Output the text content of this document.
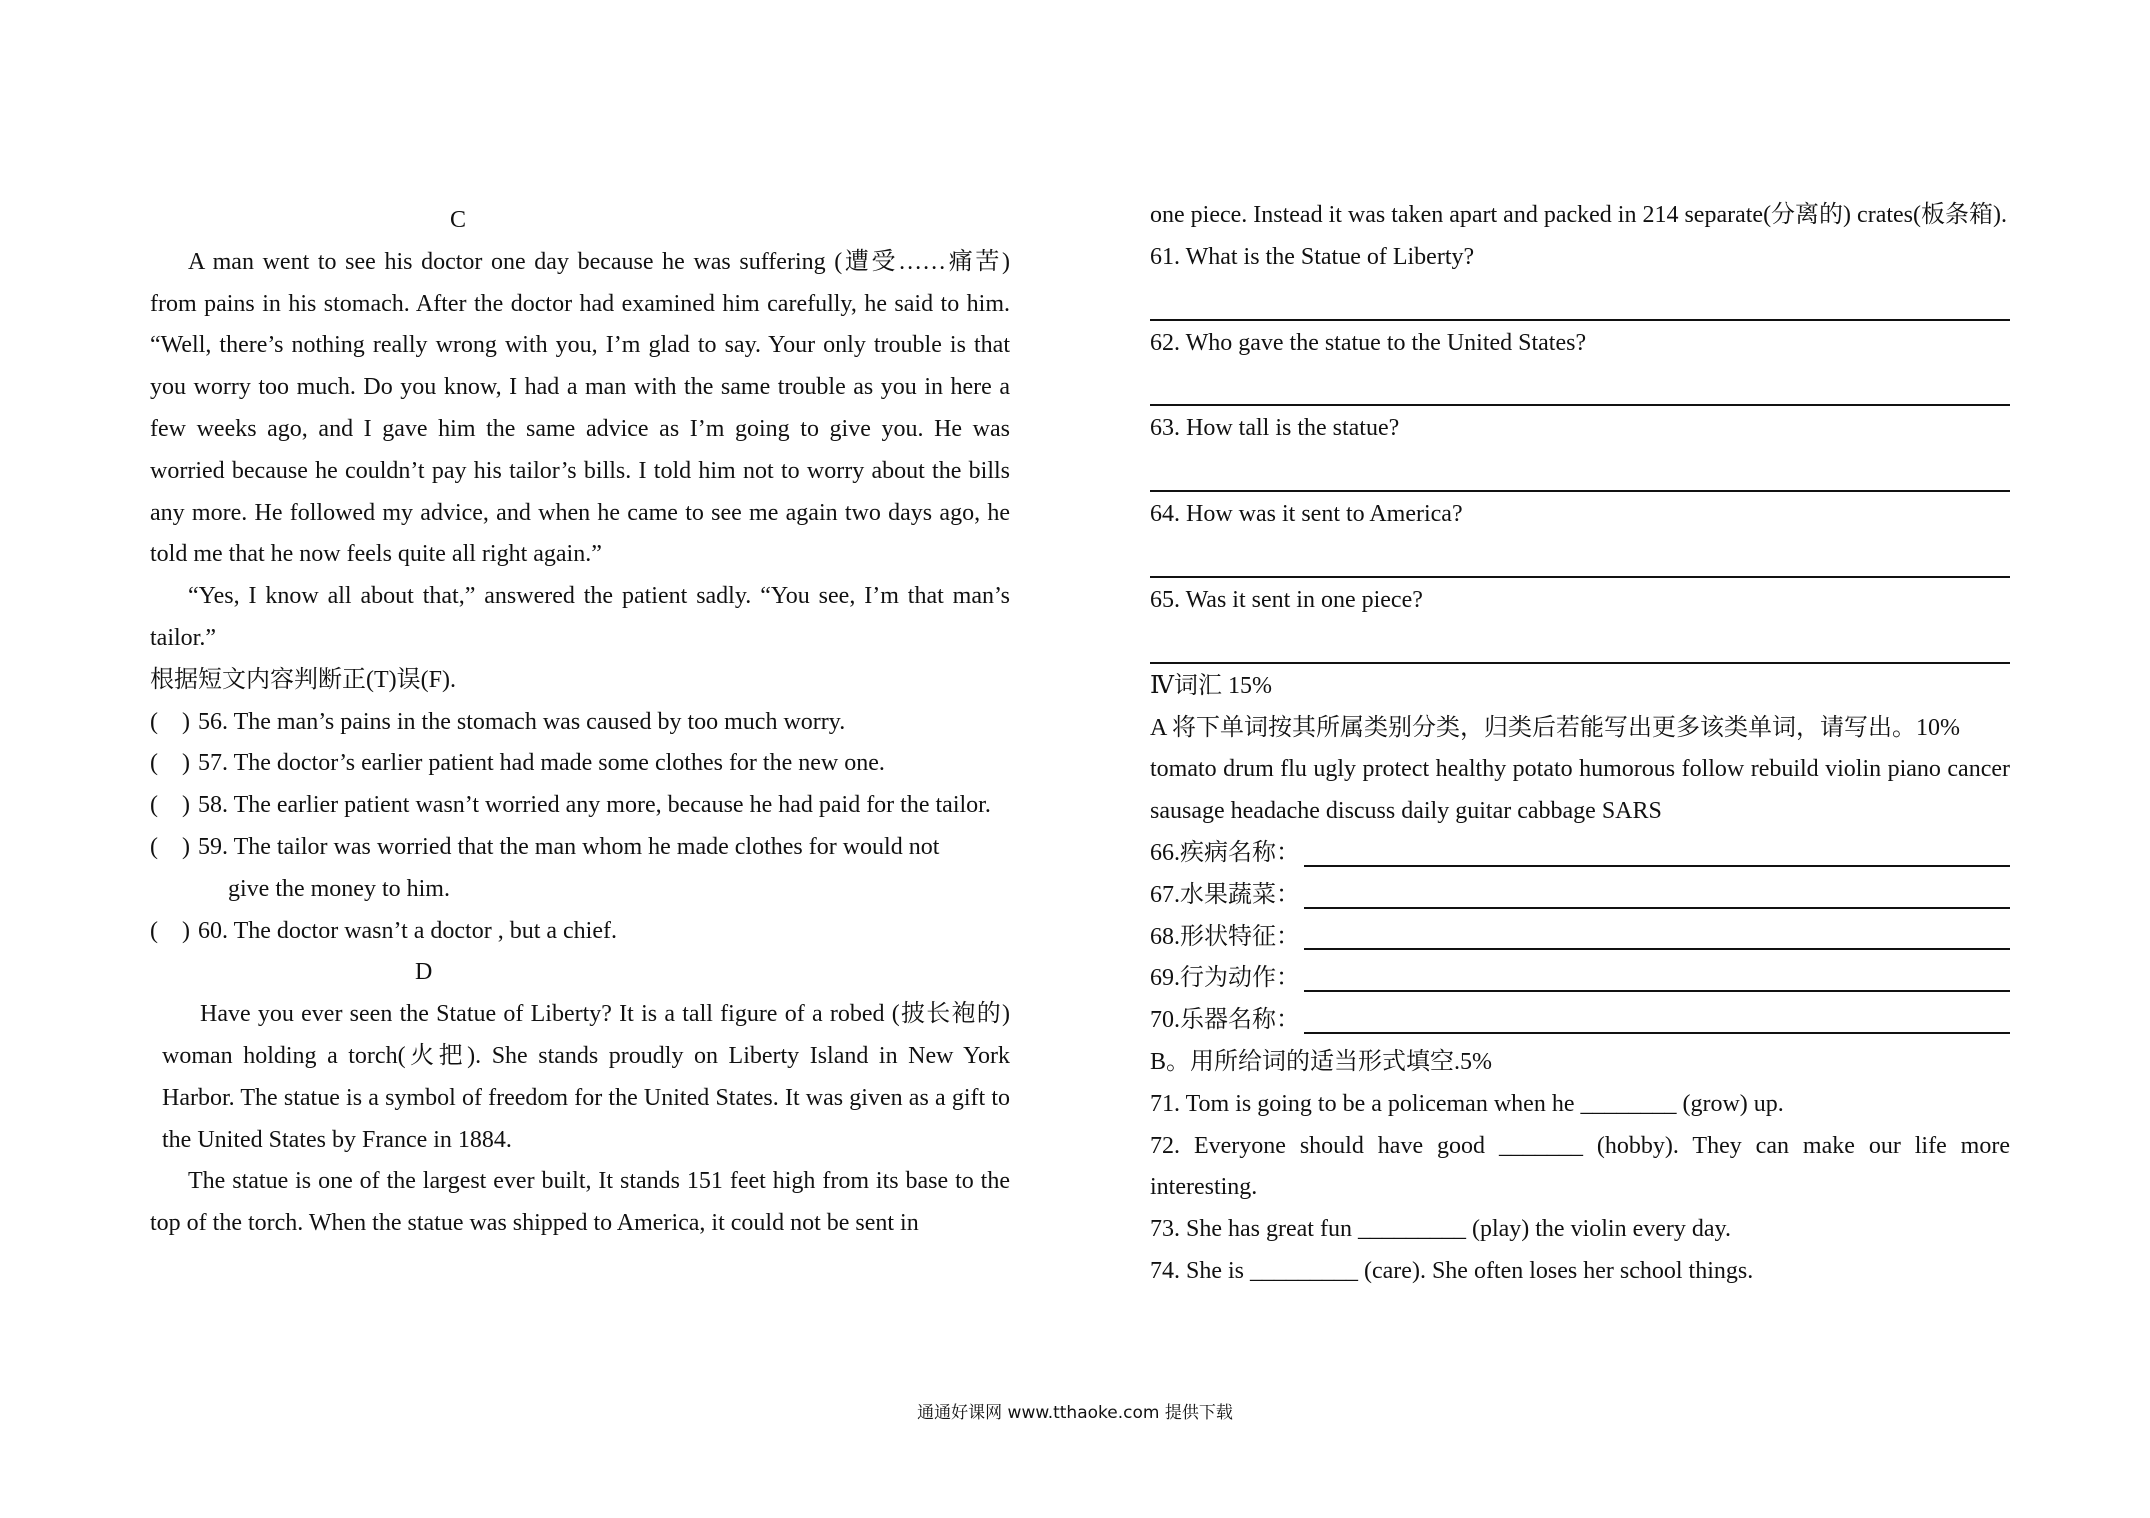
C

A man went to see his doctor one day because he was suffering (遭受……痛苦) from pains in his stomach. After the doctor had examined him carefully, he said to him. “Well, there’s nothing really wrong with you, I’m glad to say. Your only trouble is that you worry too much. Do you know, I had a man with the same trouble as you in here a few weeks ago, and I gave him the same advice as I’m going to give you. He was worried because he couldn’t pay his tailor’s bills. I told him not to worry about the bills any more. He followed my advice, and when he came to see me again two days ago, he told me that he now feels quite all right again.”

“Yes, I know all about that,” answered the patient sadly. “You see, I’m that man’s tailor.”

根据短文内容判断正(T)误(F).

(　) 56. The man’s pains in the stomach was caused by too much worry.

(　) 57. The doctor’s earlier patient had made some clothes for the new one.

(　) 58. The earlier patient wasn’t worried any more, because he had paid for the tailor.

(　) 59. The tailor was worried that the man whom he made clothes for would not

give the money to him.

(　) 60. The doctor wasn’t a doctor , but a chief.

D

Have you ever seen the Statue of Liberty? It is a tall figure of a robed (披长袍的) woman holding a torch(火把). She stands proudly on Liberty Island in New York Harbor. The statue is a symbol of freedom for the United States. It was given as a gift to the United States by France in 1884.

The statue is one of the largest ever built, It stands 151 feet high from its base to the top of the torch. When the statue was shipped to America, it could not be sent in

one piece. Instead it was taken apart and packed in 214 separate(分离的) crates(板条箱).

61. What is the Statue of Liberty?

62. Who gave the statue to the United States?

63. How tall is the statue?

64. How was it sent to America?

65. Was it sent in one piece?

Ⅳ词汇 15%

A 将下单词按其所属类别分类，归类后若能写出更多该类单词，请写出。10%

tomato drum flu ugly protect healthy potato humorous follow rebuild violin piano cancer sausage headache discuss daily guitar cabbage SARS

66.疾病名称：
67.水果蔬菜：
68.形状特征：
69.行为动作：
70.乐器名称：

B。用所给词的适当形式填空.5%

71. Tom is going to be a policeman when he ________ (grow) up.

72. Everyone should have good _______ (hobby). They can make our life more interesting.

73. She has great fun _________ (play) the violin every day.

74. She is _________ (care). She often loses her school things.

通通好课网 www.tthaoke.com 提供下载
